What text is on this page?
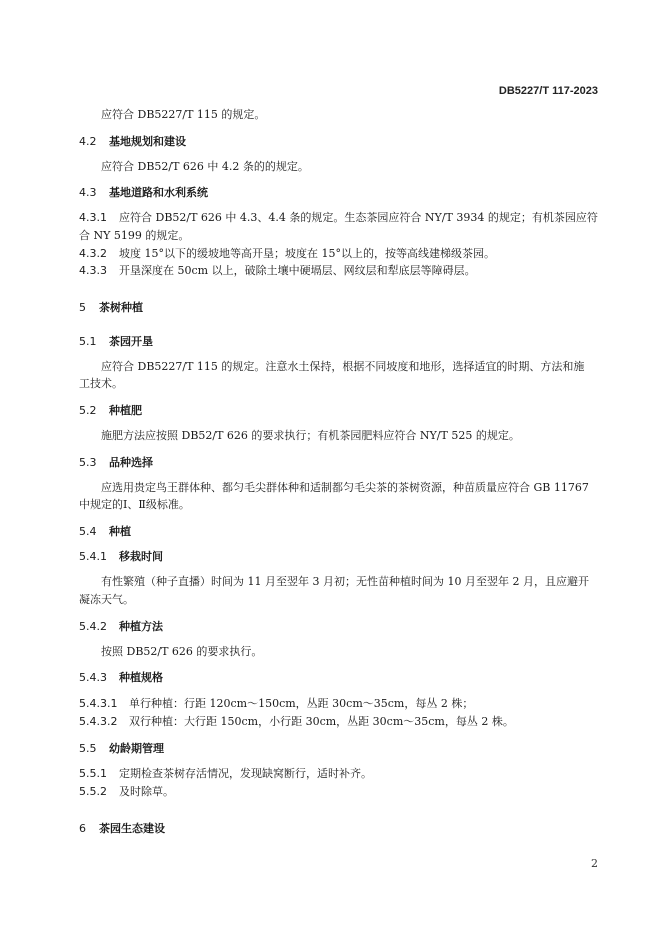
DB5227/T 117-2023
应符合 DB5227/T 115 的规定。
4.2 基地规划和建设
应符合 DB52/T 626 中 4.2 条的的规定。
4.3 基地道路和水利系统
4.3.1 应符合 DB52/T 626 中 4.3、4.4 条的规定。生态茶园应符合 NY/T 3934 的规定；有机茶园应符
合 NY 5199 的规定。
4.3.2 坡度 15°以下的缓坡地等高开垦；坡度在 15°以上的，按等高线建梯级茶园。
4.3.3 开垦深度在 50cm 以上，破除土壤中硬塥层、网纹层和犁底层等障碍层。
5 茶树种植
5.1 茶园开垦
应符合 DB5227/T 115 的规定。注意水土保持，根据不同坡度和地形，选择适宜的时期、方法和施
工技术。
5.2 种植肥
施肥方法应按照 DB52/T 626 的要求执行；有机茶园肥料应符合 NY/T 525 的规定。
5.3 品种选择
应选用贵定鸟王群体种、都匀毛尖群体种和适制都匀毛尖茶的茶树资源，种苗质量应符合 GB 11767
中规定的Ⅰ、Ⅱ级标准。
5.4 种植
5.4.1 移栽时间
有性繁殖（种子直播）时间为 11 月至翌年 3 月初；无性苗种植时间为 10 月至翌年 2 月，且应避开
凝冻天气。
5.4.2 种植方法
按照 DB52/T 626 的要求执行。
5.4.3 种植规格
5.4.3.1 单行种植：行距 120cm～150cm，丛距 30cm～35cm，每丛 2 株；
5.4.3.2 双行种植：大行距 150cm，小行距 30cm，丛距 30cm～35cm，每丛 2 株。
5.5 幼龄期管理
5.5.1 定期检查茶树存活情况，发现缺窝断行，适时补齐。
5.5.2 及时除草。
6 茶园生态建设
2
